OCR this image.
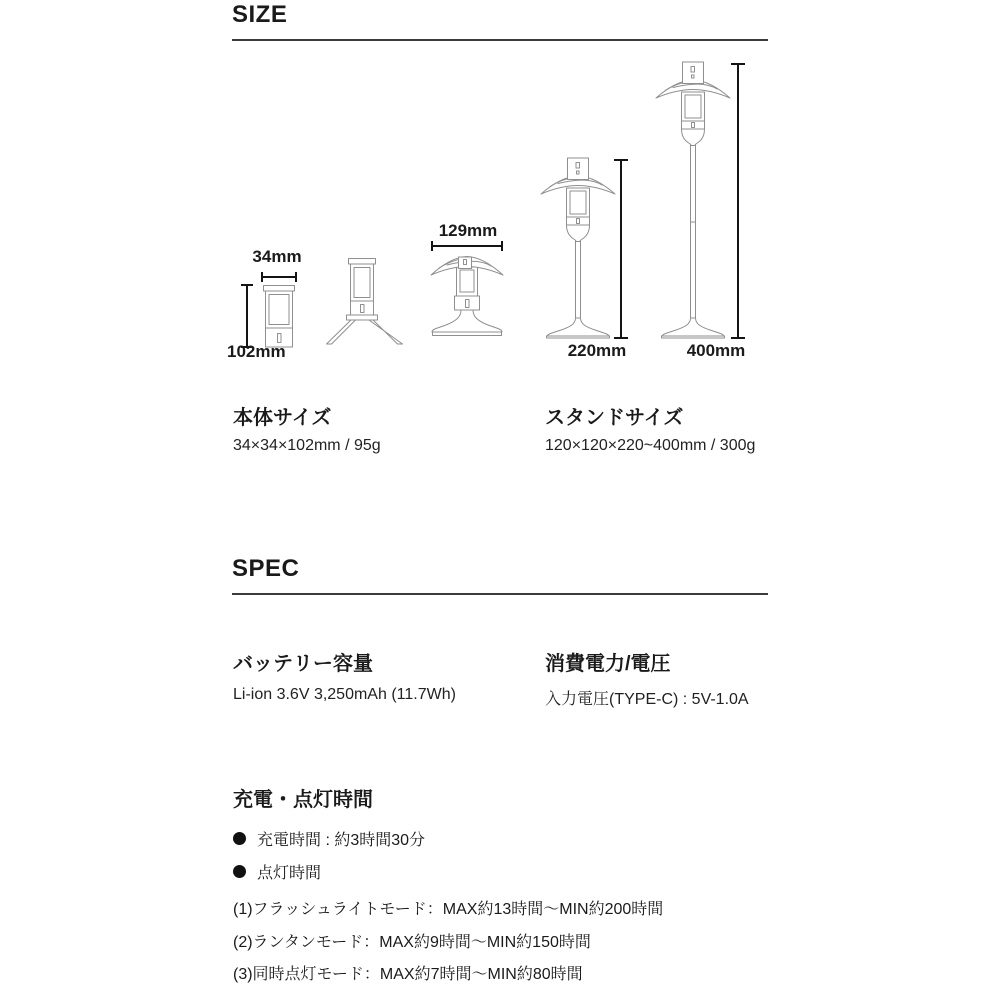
SIZE
34mm
102mm
129mm
220mm	400mm
本体サイズ
34×34×102mm / 95g
スタンドサイズ
120×120×220~400mm / 300g
SPEC
バッテリー容量
Li-ion 3.6V 3,250mAh (11.7Wh)
消費電力/電圧
入力電圧(TYPE-C) : 5V-1.0A
充電・点灯時間
充電時間 : 約3時間30分
点灯時間
(1)フラッシュライトモード：MAX約13時間～MIN約200時間
(2)ランタンモード：MAX約9時間～MIN約150時間
(3)同時点灯モード：MAX約7時間～MIN約80時間
